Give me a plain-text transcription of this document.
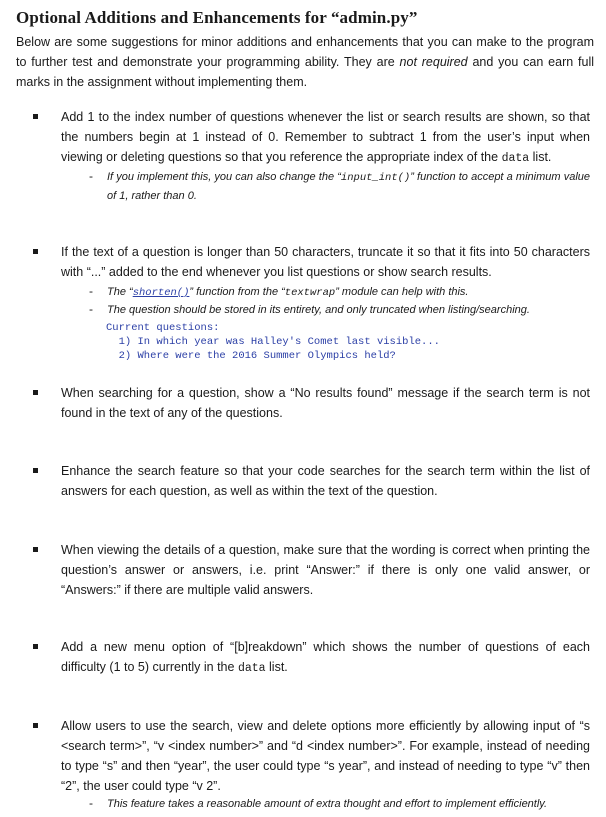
Optional Additions and Enhancements for “admin.py”

Below are some suggestions for minor additions and enhancements that you can make to the program to further test and demonstrate your programming ability. They are not required and you can earn full marks in the assignment without implementing them.

Add 1 to the index number of questions whenever the list or search results are shown, so that the numbers begin at 1 instead of 0. Remember to subtract 1 from the user’s input when viewing or deleting questions so that you reference the appropriate index of the data list.

- If you implement this, you can also change the “input_int()” function to accept a minimum value of 1, rather than 0.

If the text of a question is longer than 50 characters, truncate it so that it fits into 50 characters with “...” added to the end whenever you list questions or show search results.

- The “shorten()” function from the “textwrap” module can help with this.

- The question should be stored in its entirety, and only truncated when listing/searching.

Current questions:
1) In which year was Halley's Comet last visible...
2) Where were the 2016 Summer Olympics held?

When searching for a question, show a “No results found” message if the search term is not found in the text of any of the questions.

Enhance the search feature so that your code searches for the search term within the list of answers for each question, as well as within the text of the question.

When viewing the details of a question, make sure that the wording is correct when printing the question’s answer or answers, i.e. print “Answer:” if there is only one valid answer, or “Answers:” if there are multiple valid answers.

Add a new menu option of “[b]reakdown” which shows the number of questions of each difficulty (1 to 5) currently in the data list.

Allow users to use the search, view and delete options more efficiently by allowing input of “s <search term>”, “v <index number>” and “d <index number>”. For example, instead of needing to type “s” and then “year”, the user could type “s year”, and instead of needing to type “v” then “2”, the user could type “v 2”.

- This feature takes a reasonable amount of extra thought and effort to implement efficiently.
